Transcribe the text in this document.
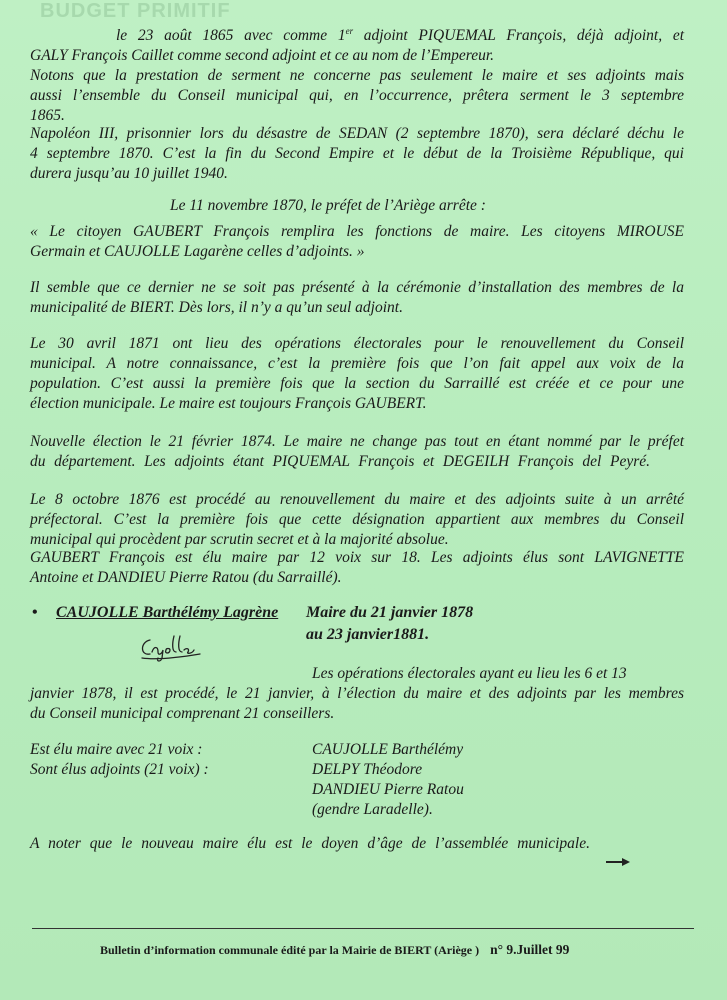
BUDGET PRIMITIF
le 23 août 1865 avec comme 1er adjoint PIQUEMAL François, déjà adjoint, et
GALY François Caillet comme second adjoint et ce au nom de l’Empereur.
Notons que la prestation de serment ne concerne pas seulement le maire et ses adjoints mais
aussi l’ensemble du Conseil municipal qui, en l’occurrence, prêtera serment le 3 septembre
1865.
Napoléon III, prisonnier lors du désastre de SEDAN (2 septembre 1870), sera déclaré déchu le
4 septembre 1870. C’est la fin du Second Empire et le début de la Troisième République, qui
durera jusqu’au 10 juillet 1940.
Le 11 novembre 1870, le préfet de l’Ariège arrête :
« Le citoyen GAUBERT François remplira les fonctions de maire. Les citoyens MIROUSE
Germain et CAUJOLLE Lagarène celles d’adjoints. »
Il semble que ce dernier ne se soit pas présenté à la cérémonie d’installation des membres de la
municipalité de BIERT. Dès lors, il n’y a qu’un seul adjoint.
Le 30 avril 1871 ont lieu des opérations électorales pour le renouvellement du Conseil
municipal. A notre connaissance, c’est la première fois que l’on fait appel aux voix de la
population. C’est aussi la première fois que la section du Sarraillé est créée et ce pour une
élection municipale. Le maire est toujours François GAUBERT.
Nouvelle élection le 21 février 1874. Le maire ne change pas tout en étant nommé par le préfet
du département. Les adjoints étant PIQUEMAL François et DEGEILH François del Peyré.
Le 8 octobre 1876 est procédé au renouvellement du maire et des adjoints suite à un arrêté
préfectoral. C’est la première fois que cette désignation appartient aux membres du Conseil
municipal qui procèdent par scrutin secret et à la majorité absolue.
GAUBERT François est élu maire par 12 voix sur 18. Les adjoints élus sont LAVIGNETTE
Antoine et DANDIEU Pierre Ratou (du Sarraillé).
Les opérations électorales ayant eu lieu les 6 et 13
janvier 1878, il est procédé, le 21 janvier, à l’élection du maire et des adjoints par les membres
du Conseil municipal comprenant 21 conseillers.
A noter que le nouveau maire élu est le doyen d’âge de l’assemblée municipale.
• CAUJOLLE Barthélémy Lagrène Maire du 21 janvier 1878
au 23 janvier1881.
Est élu maire avec 21 voix :
Sont élus adjoints (21 voix) :
CAUJOLLE Barthélémy
DELPY Théodore
DANDIEU Pierre Ratou
(gendre Laradelle).
Bulletin d’information communale édité par la Mairie de BIERT (Ariège ) n° 9.Juillet 99
